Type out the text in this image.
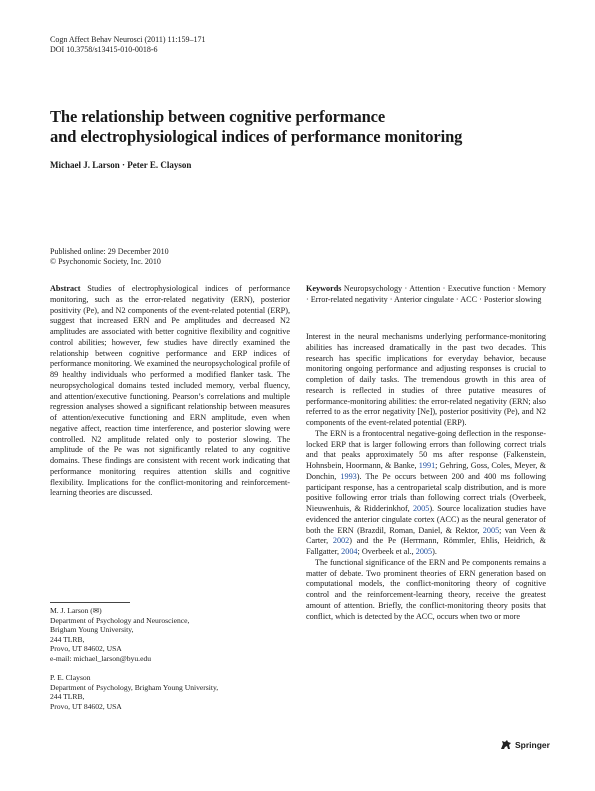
Cogn Affect Behav Neurosci (2011) 11:159–171
DOI 10.3758/s13415-010-0018-6
The relationship between cognitive performance
and electrophysiological indices of performance monitoring
Michael J. Larson · Peter E. Clayson
Published online: 29 December 2010
© Psychonomic Society, Inc. 2010

Abstract Studies of electrophysiological indices of performance monitoring, such as the error-related negativity (ERN), posterior positivity (Pe), and N2 components of the event-related potential (ERP), suggest that increased ERN and Pe amplitudes and decreased N2 amplitudes are associated with better cognitive flexibility and cognitive control abilities; however, few studies have directly examined the relationship between cognitive performance and ERP indices of performance monitoring. We examined the neuropsychological profile of 89 healthy individuals who performed a modified flanker task. The neuropsychological domains tested included memory, verbal fluency, and attention/executive functioning. Pearson’s correlations and multiple regression analyses showed a significant relationship between measures of attention/executive functioning and ERN amplitude, even when negative affect, reaction time interference, and posterior slowing were controlled. N2 amplitude related only to posterior slowing. The amplitude of the Pe was not significantly related to any cognitive domains. These findings are consistent with recent work indicating that performance monitoring requires attention skills and cognitive flexibility. Implications for the conflict-monitoring and reinforcement-learning theories are discussed.

M. J. Larson (✉)

Department of Psychology and Neuroscience,

Brigham Young University,

244 TLRB,

Provo, UT 84602, USA

e-mail: michael_larson@byu.edu

P. E. Clayson

Department of Psychology, Brigham Young University,

244 TLRB,

Provo, UT 84602, USA

Keywords Neuropsychology · Attention · Executive function · Memory · Error-related negativity · Anterior cingulate · ACC · Posterior slowing

Interest in the neural mechanisms underlying performance-monitoring abilities has increased dramatically in the past two decades. This research has specific implications for everyday behavior, because monitoring ongoing performance and adjusting responses is crucial to completion of daily tasks. The tremendous growth in this area of research is reflected in studies of three putative measures of performance-monitoring abilities: the error-related negativity (ERN; also referred to as the error negativity [Ne]), posterior positivity (Pe), and N2 components of the event-related potential (ERP).

The ERN is a frontocentral negative-going deflection in the response-locked ERP that is larger following errors than following correct trials and that peaks approximately 50 ms after response (Falkenstein, Hohnsbein, Hoormann, & Banke, 1991; Gehring, Goss, Coles, Meyer, & Donchin, 1993). The Pe occurs between 200 and 400 ms following participant response, has a centroparietal scalp distribution, and is more positive following error trials than following correct trials (Overbeek, Nieuwenhuis, & Ridderinkhof, 2005). Source localization studies have evidenced the anterior cingulate cortex (ACC) as the neural generator of both the ERN (Brazdil, Roman, Daniel, & Rektor, 2005; van Veen & Carter, 2002) and the Pe (Herrmann, Römmler, Ehlis, Heidrich, & Fallgatter, 2004; Overbeek et al., 2005).

The functional significance of the ERN and Pe components remains a matter of debate. Two prominent theories of ERN generation based on computational models, the conflict-monitoring theory of cognitive control and the reinforcement-learning theory, receive the greatest amount of attention. Briefly, the conflict-monitoring theory posits that conflict, which is detected by the ACC, occurs when two or more

Springer
